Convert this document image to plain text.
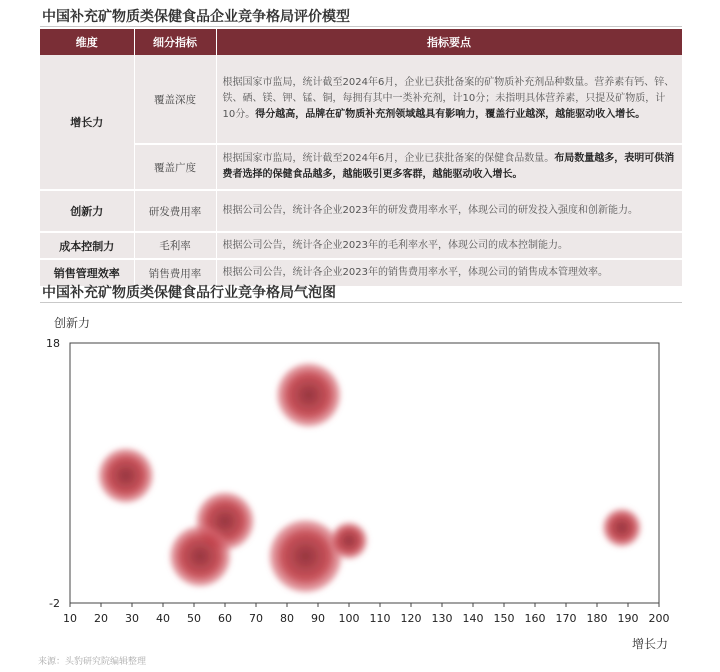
中国补充矿物质类保健食品企业竞争格局评价模型
维度	细分指标	指标要点
增长力	覆盖深度	根据国家市监局，统计截至2024年6月，企业已获批备案的矿物质补充剂品种数量。营养素有钙、锌、铁、硒、镁、钾、锰、铜，每拥有其中一类补充剂，计10分；未指明具体营养素，只提及矿物质，计10分。得分越高，品牌在矿物质补充剂领域越具有影响力，覆盖行业越深，越能驱动收入增长。
	覆盖广度	根据国家市监局，统计截至2024年6月，企业已获批备案的保健食品数量。布局数量越多，表明可供消费者选择的保健食品越多，越能吸引更多客群，越能驱动收入增长。
创新力	研发费用率	根据公司公告，统计各企业2023年的研发费用率水平，体现公司的研发投入强度和创新能力。
成本控制力	毛利率	根据公司公告，统计各企业2023年的毛利率水平，体现公司的成本控制能力。
销售管理效率	销售费用率	根据公司公告，统计各企业2023年的销售费用率水平，体现公司的销售成本管理效率。
中国补充矿物质类保健食品行业竞争格局气泡图
10 20 30 40 50 60 70 80 90 100 110 120 130 140 150 160 170 180 190 200
18
-2
创新力
增长力
来源：头豹研究院编辑整理
